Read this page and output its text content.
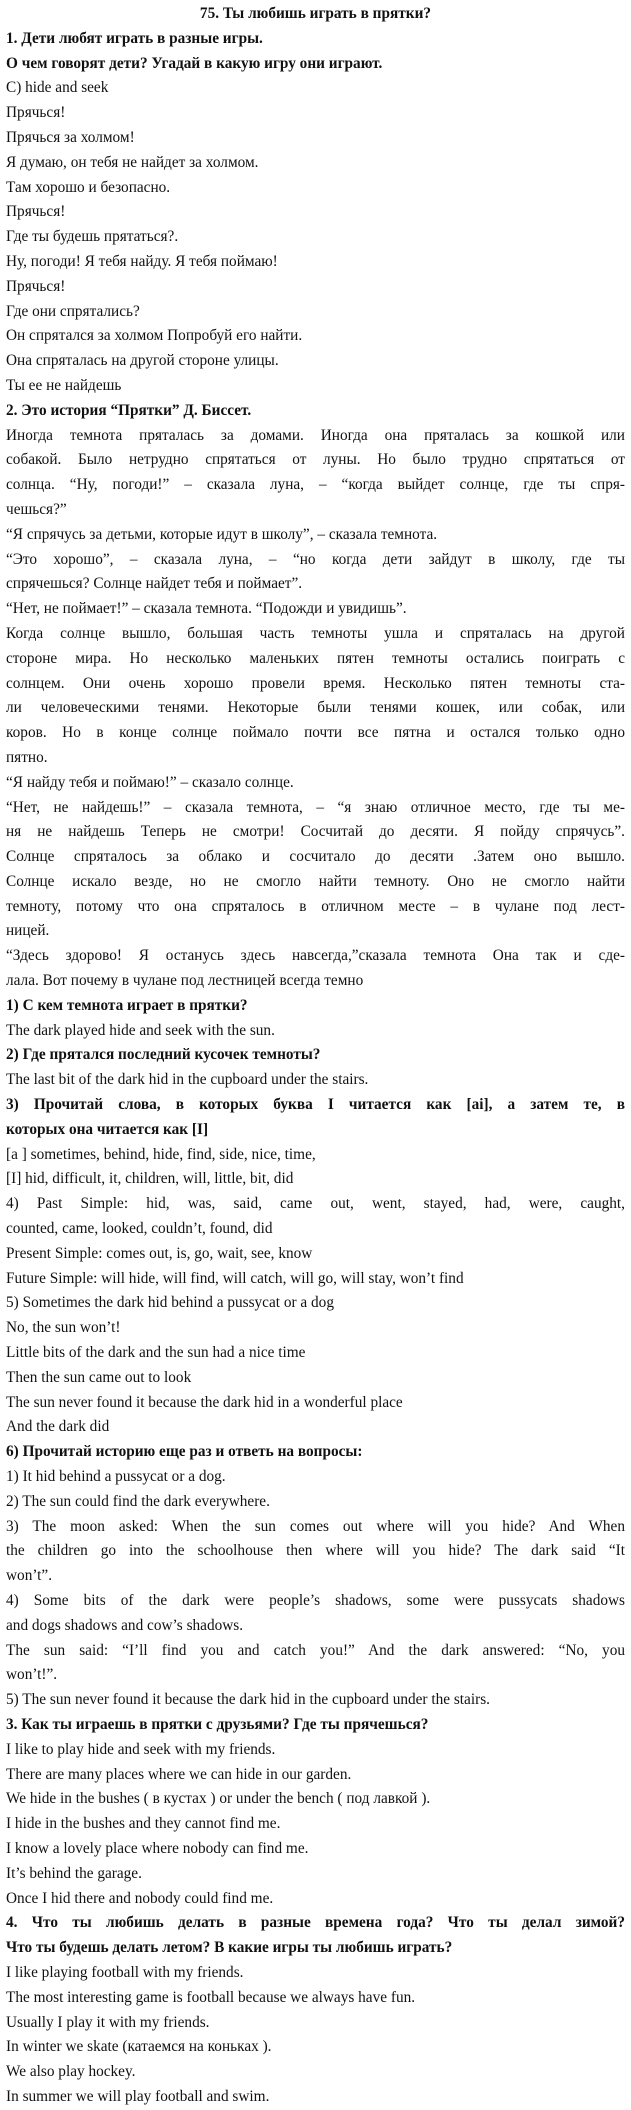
75. Ты любишь играть в прятки?
1. Дети любят играть в разные игры.
О чем говорят дети? Угадай в какую игру они играют.
C) hide and seek
Прячься!
Прячься за холмом!
Я думаю, он тебя не найдет за холмом.
Там хорошо и безопасно.
Прячься!
Где ты будешь прятаться?.
Ну, погоди! Я тебя найду. Я тебя поймаю!
Прячься!
Где они спрятались?
Он спрятался за холмом Попробуй его найти.
Она спряталась на другой стороне улицы.
Ты ее не найдешь
2. Это история “Прятки” Д. Биссет.
Иногда темнота пряталась за домами. Иногда она пряталась за кошкой или
собакой. Было нетрудно спрятаться от луны. Но было трудно спрятаться от
солнца. “Ну, погоди!” – сказала луна, – “когда выйдет солнце, где ты спря-
чешься?”
“Я спрячусь за детьми, которые идут в школу”, – сказала темнота.
“Это хорошо”, – сказала луна, – “но когда дети зайдут в школу, где ты
спрячешься? Солнце найдет тебя и поймает”.
“Нет, не поймает!” – сказала темнота. “Подожди и увидишь”.
Когда солнце вышло, большая часть темноты ушла и спряталась на другой
стороне мира. Но несколько маленьких пятен темноты остались поиграть с
солнцем. Они очень хорошо провели время. Несколько пятен темноты ста-
ли человеческими тенями. Некоторые были тенями кошек, или собак, или
коров. Но в конце солнце поймало почти все пятна и остался только одно
пятно.
“Я найду тебя и поймаю!” – сказало солнце.
“Нет, не найдешь!” – сказала темнота, – “я знаю отличное место, где ты ме-
ня не найдешь Теперь не смотри! Сосчитай до десяти. Я пойду спрячусь”.
Солнце спряталось за облако и сосчитало до десяти .Затем оно вышло.
Солнце искало везде, но не смогло найти темноту. Оно не смогло найти
темноту, потому что она спряталось в отличном месте – в чулане под лест-
ницей.
“Здесь здорово! Я останусь здесь навсегда,”сказала темнота Она так и сде-
лала. Вот почему в чулане под лестницей всегда темно
1) С кем темнота играет в прятки?
The dark played hide and seek with the sun.
2) Где прятался последний кусочек темноты?
The last bit of the dark hid in the cupboard under the stairs.
3) Прочитай слова, в которых буква I читается как [ai], а затем те, в
которых она читается как [I]
[a ] sometimes, behind, hide, find, side, nice, time,
[I] hid, difficult, it, children, will, little, bit, did
4) Past Simple: hid, was, said, came out, went, stayed, had, were, caught,
counted, came, looked, couldn’t, found, did
Present Simple: comes out, is, go, wait, see, know
Future Simple: will hide, will find, will catch, will go, will stay, won’t find
5) Sometimes the dark hid behind a pussycat or a dog
No, the sun won’t!
Little bits of the dark and the sun had a nice time
Then the sun came out to look
The sun never found it because the dark hid in a wonderful place
And the dark did
6) Прочитай историю еще раз и ответь на вопросы:
1) It hid behind a pussycat or a dog.
2) The sun could find the dark everywhere.
3) The moon asked: When the sun comes out where will you hide? And When
the children go into the schoolhouse then where will you hide? The dark said “It
won’t”.
4) Some bits of the dark were people’s shadows, some were pussycats shadows
and dogs shadows and cow’s shadows.
The sun said: “I’ll find you and catch you!” And the dark answered: “No, you
won’t!”.
5) The sun never found it because the dark hid in the cupboard under the stairs.
3. Как ты играешь в прятки с друзьями? Где ты прячешься?
I like to play hide and seek with my friends.
There are many places where we can hide in our garden.
We hide in the bushes ( в кустах ) or under the bench ( под лавкой ).
I hide in the bushes and they cannot find me.
I know a lovely place where nobody can find me.
It’s behind the garage.
Once I hid there and nobody could find me.
4. Что ты любишь делать в разные времена года? Что ты делал зимой?
Что ты будешь делать летом? В какие игры ты любишь играть?
I like playing football with my friends.
The most interesting game is football because we always have fun.
Usually I play it with my friends.
In winter we skate (катаемся на коньках ).
We also play hockey.
In summer we will play football and swim.
